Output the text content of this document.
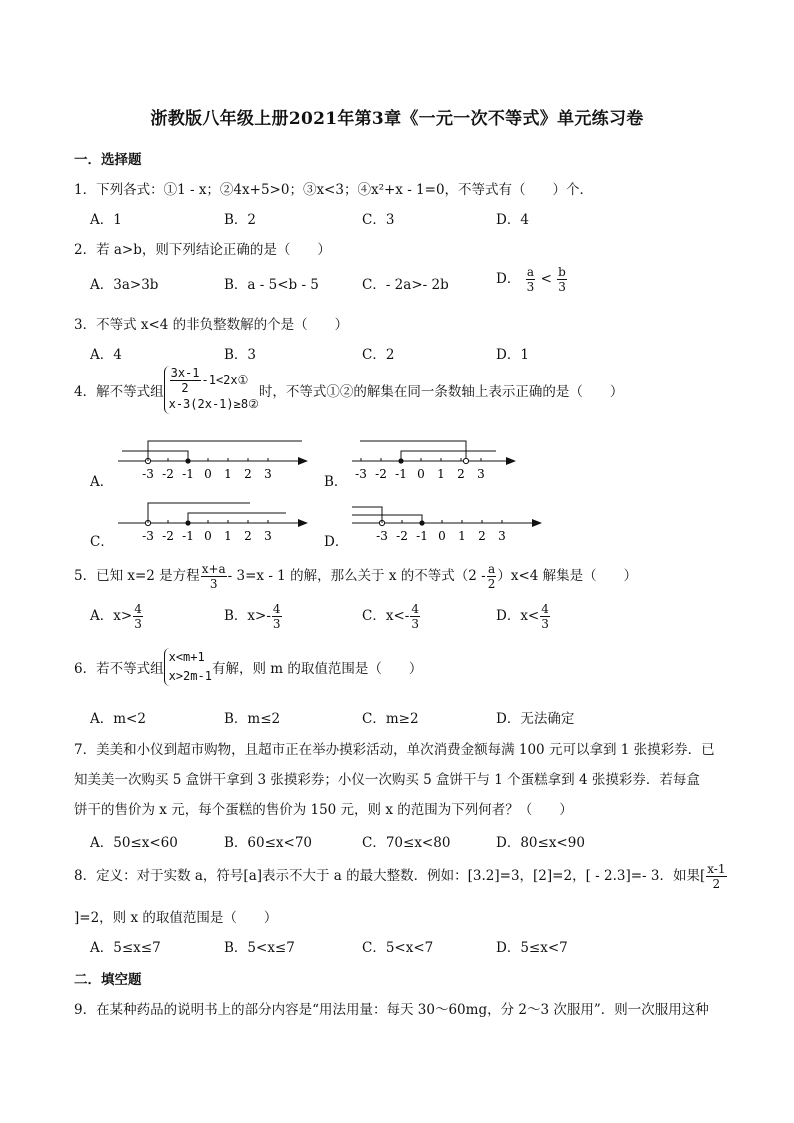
浙教版八年级上册2021年第3章《一元一次不等式》单元练习卷
一．选择题
1．下列各式：①1 - x；②4x+5>0；③x<3；④x²+x - 1=0，不等式有（　　）个．
A．1	B．2	C．3	D．4
2．若 a>b，则下列结论正确的是（　　）
A．3a>3b	B．a - 5<b - 5	C．- 2a>- 2b	D． $\frac{a}{3} < \frac{b}{3}$
3．不等式 x<4 的非负整数解的个是（　　）
A．4	B．3	C．2	D．1
4．解不等式组 $\frac{3x-1}{2}$ -1<2x①
x-3(2x-1)≥8②
时，不等式①②的解集在同一条数轴上表示正确的是（　　）
A． -3 -2 -1 0 1 2 3	B． -3 -2 -1 0 1 2 3
C． -3 -2 -1 0 1 2 3	D． -3 -2 -1 0 1 2 3
5．已知 x=2 是方程 $\frac{x+a}{3} - 3=x - 1$ 的解，那么关于 x 的不等式$(2 - \frac{a}{2} )x<4$ 解集是（　　）
A．$x> \frac{4}{3}$	B．$x>- \frac{4}{3}$	C．$x<- \frac{4}{3}$	D．$x< \frac{4}{3}$
6．若不等式组
x<m+1
x>2m-1 有解，则 m 的取值范围是（　　）
A．m<2	B．m≤2	C．m≥2	D．无法确定
7．美美和小仪到超市购物，且超市正在举办摸彩活动，单次消费金额每满 100 元可以拿到 1 张摸彩券．已
知美美一次购买 5 盒饼干拿到 3 张摸彩券；小仪一次购买 5 盒饼干与 1 个蛋糕拿到 4 张摸彩券．若每盒
饼干的售价为 x 元，每个蛋糕的售价为 150 元，则 x 的范围为下列何者？（　　）
A．50≤x<60	B．60≤x<70	C．70≤x<80	D．80≤x<90
8．定义：对于实数 a，符号[a]表示不大于 a 的最大整数．例如：[3.2]=3，[2]=2，[ - 2.3]=- 3．如果[ $\frac{x-1}{2}$
]=2，则 x 的取值范围是（　　）
A．5≤x≤7	B．5<x≤7	C．5<x<7	D．5≤x<7
二．填空题
9．在某种药品的说明书上的部分内容是“用法用量：每天 30～60mg，分 2～3 次服用”．则一次服用这种
